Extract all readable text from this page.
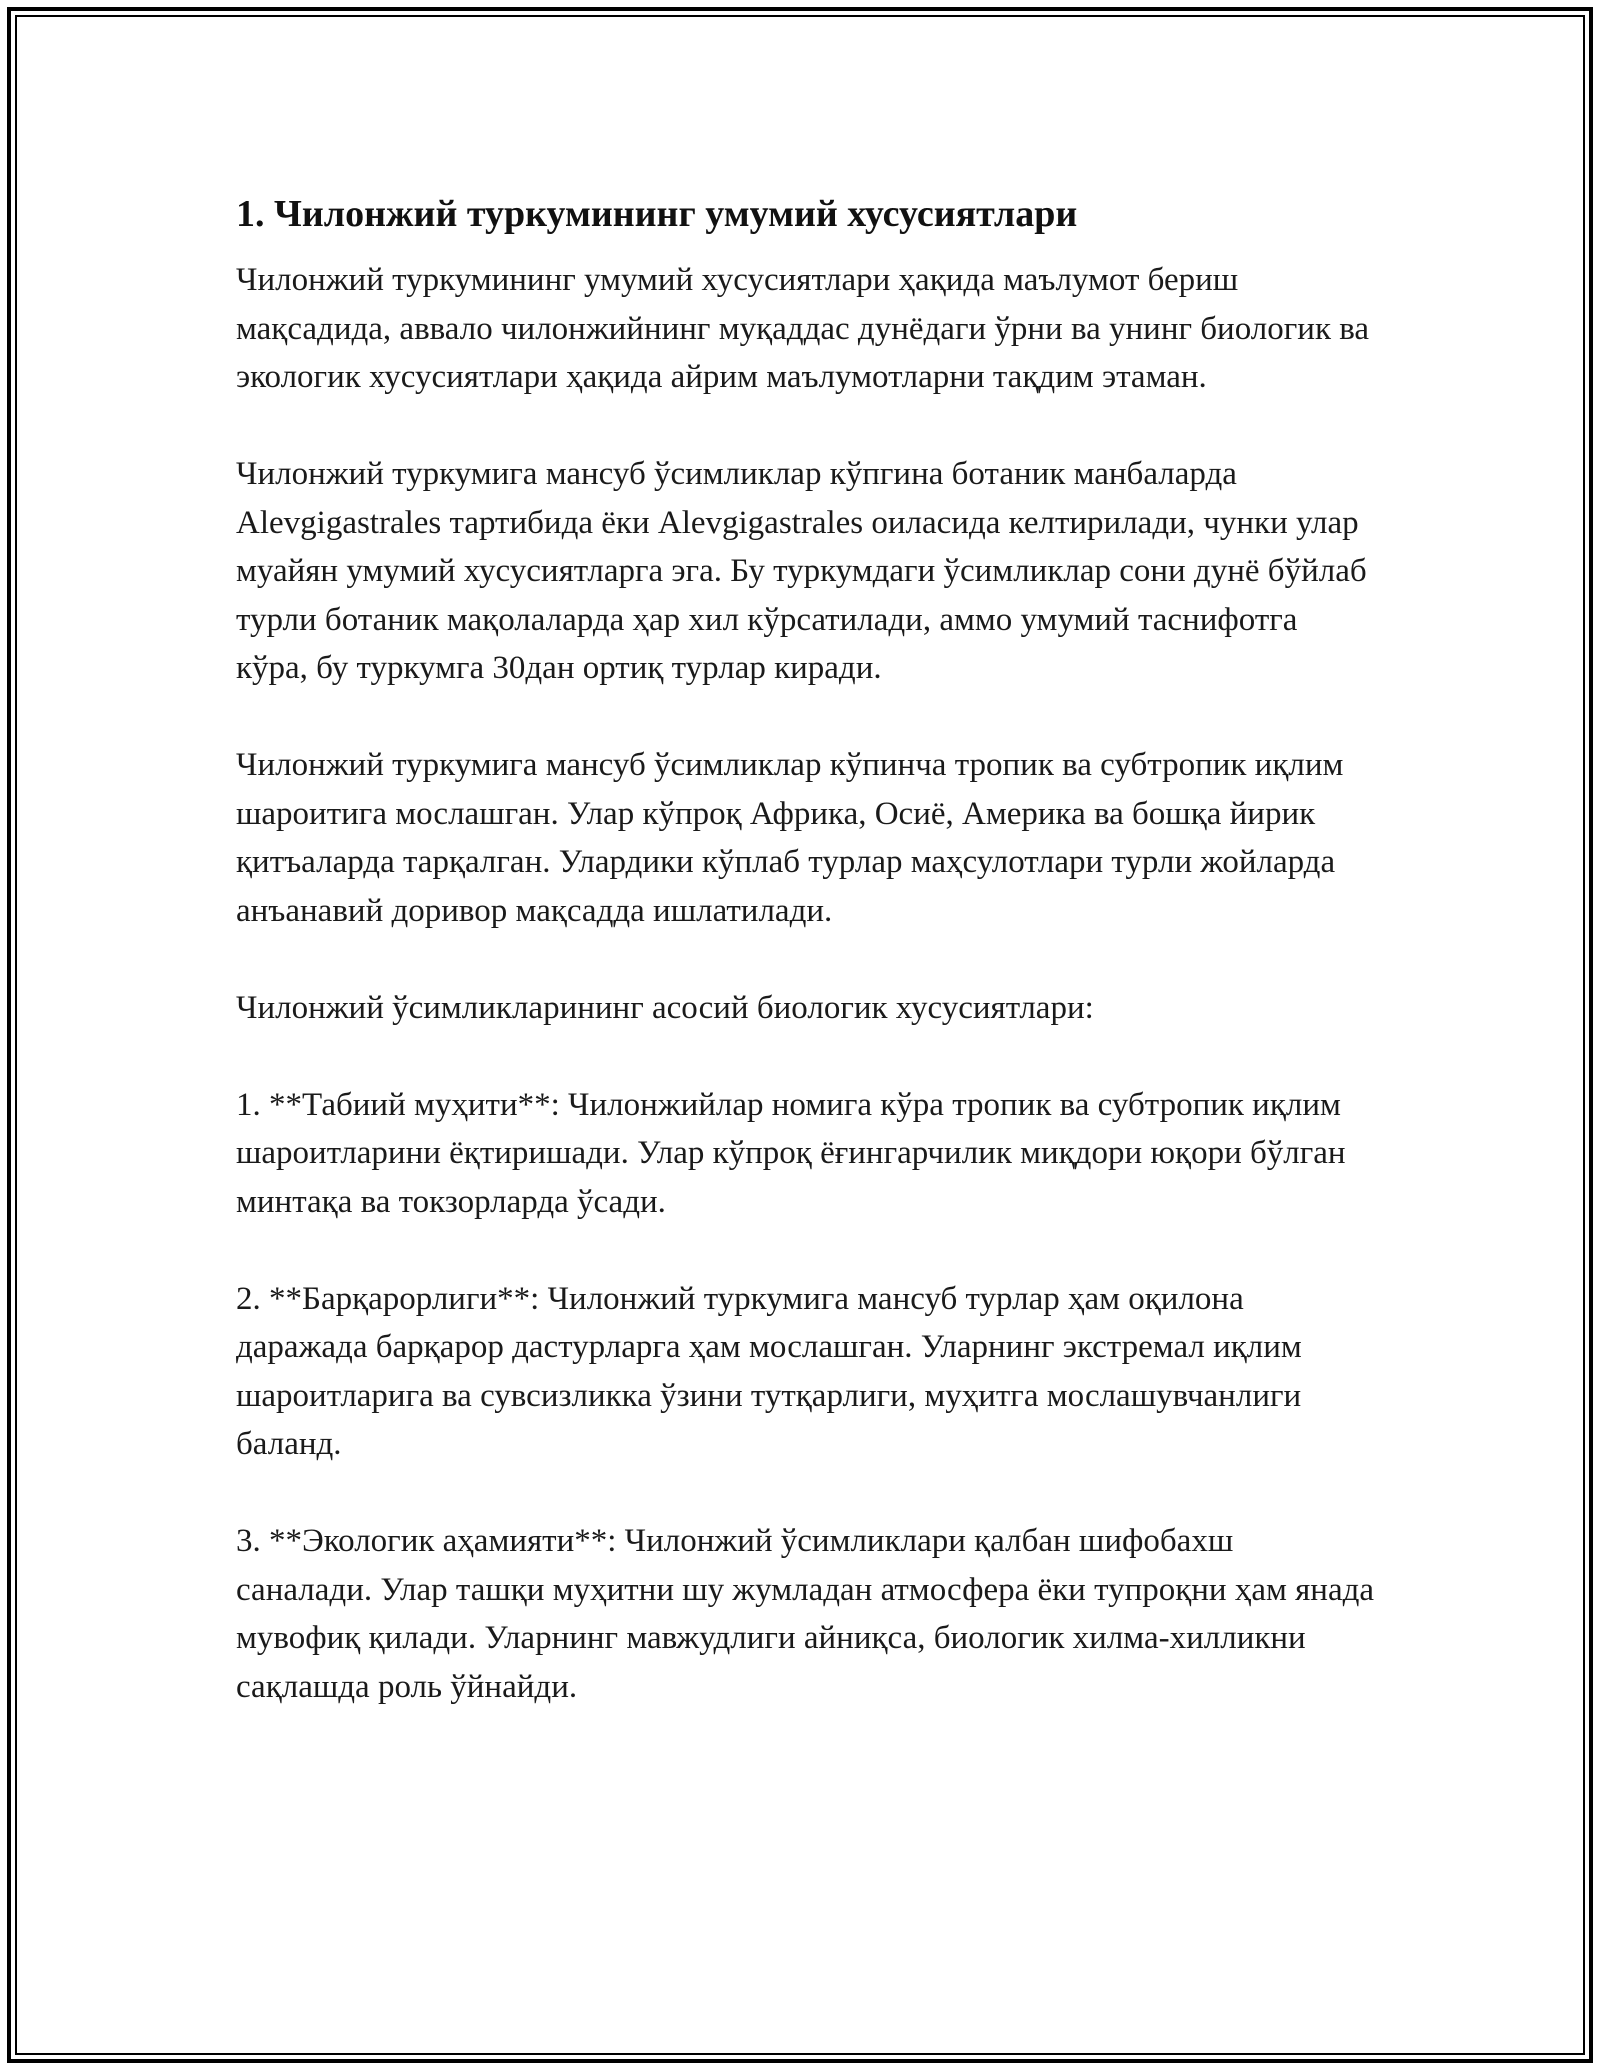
1. Чилонжий туркумининг умумий хусусиятлари

Чилонжий туркумининг умумий хусусиятлари ҳақида маълумот бериш мақсадида, аввало чилонжийнинг муқаддас дунёдаги ўрни ва унинг биологик ва экологик хусусиятлари ҳақида айрим маълумотларни тақдим этаман.

Чилонжий туркумига мансуб ўсимликлар кўпгина ботаник манбаларда Alevgigastrales тартибида ёки Alevgigastrales оиласида келтирилади, чунки улар муайян умумий хусусиятларга эга. Бу туркумдаги ўсимликлар сони дунё бўйлаб турли ботаник мақолаларда ҳар хил кўрсатилади, аммо умумий таснифотга кўра, бу туркумга 30дан ортиқ турлар киради.

Чилонжий туркумига мансуб ўсимликлар кўпинча тропик ва субтропик иқлим шароитига мослашган. Улар кўпроқ Африка, Осиё, Америка ва бошқа йирик қитъаларда тарқалган. Улардики кўплаб турлар маҳсулотлари турли жойларда анъанавий доривор мақсадда ишлатилади.

Чилонжий ўсимликларининг асосий биологик хусусиятлари:

1. **Табиий муҳити**: Чилонжийлар номига кўра тропик ва субтропик иқлим шароитларини ёқтиришади. Улар кўпроқ ёғингарчилик миқдори юқори бўлган минтақа ва токзорларда ўсади.

2. **Барқарорлиги**: Чилонжий туркумига мансуб турлар ҳам оқилона даражада барқарор дастурларга ҳам мослашган. Уларнинг экстремал иқлим шароитларига ва сувсизликка ўзини тутқарлиги, муҳитга мослашувчанлиги баланд.

3. **Экологик аҳамияти**: Чилонжий ўсимликлари қалбан шифобахш саналади. Улар ташқи муҳитни шу жумладан атмосфера ёки тупроқни ҳам янада мувофиқ қилади. Уларнинг мавжудлиги айниқса, биологик хилма-хилликни сақлашда роль ўйнайди.
